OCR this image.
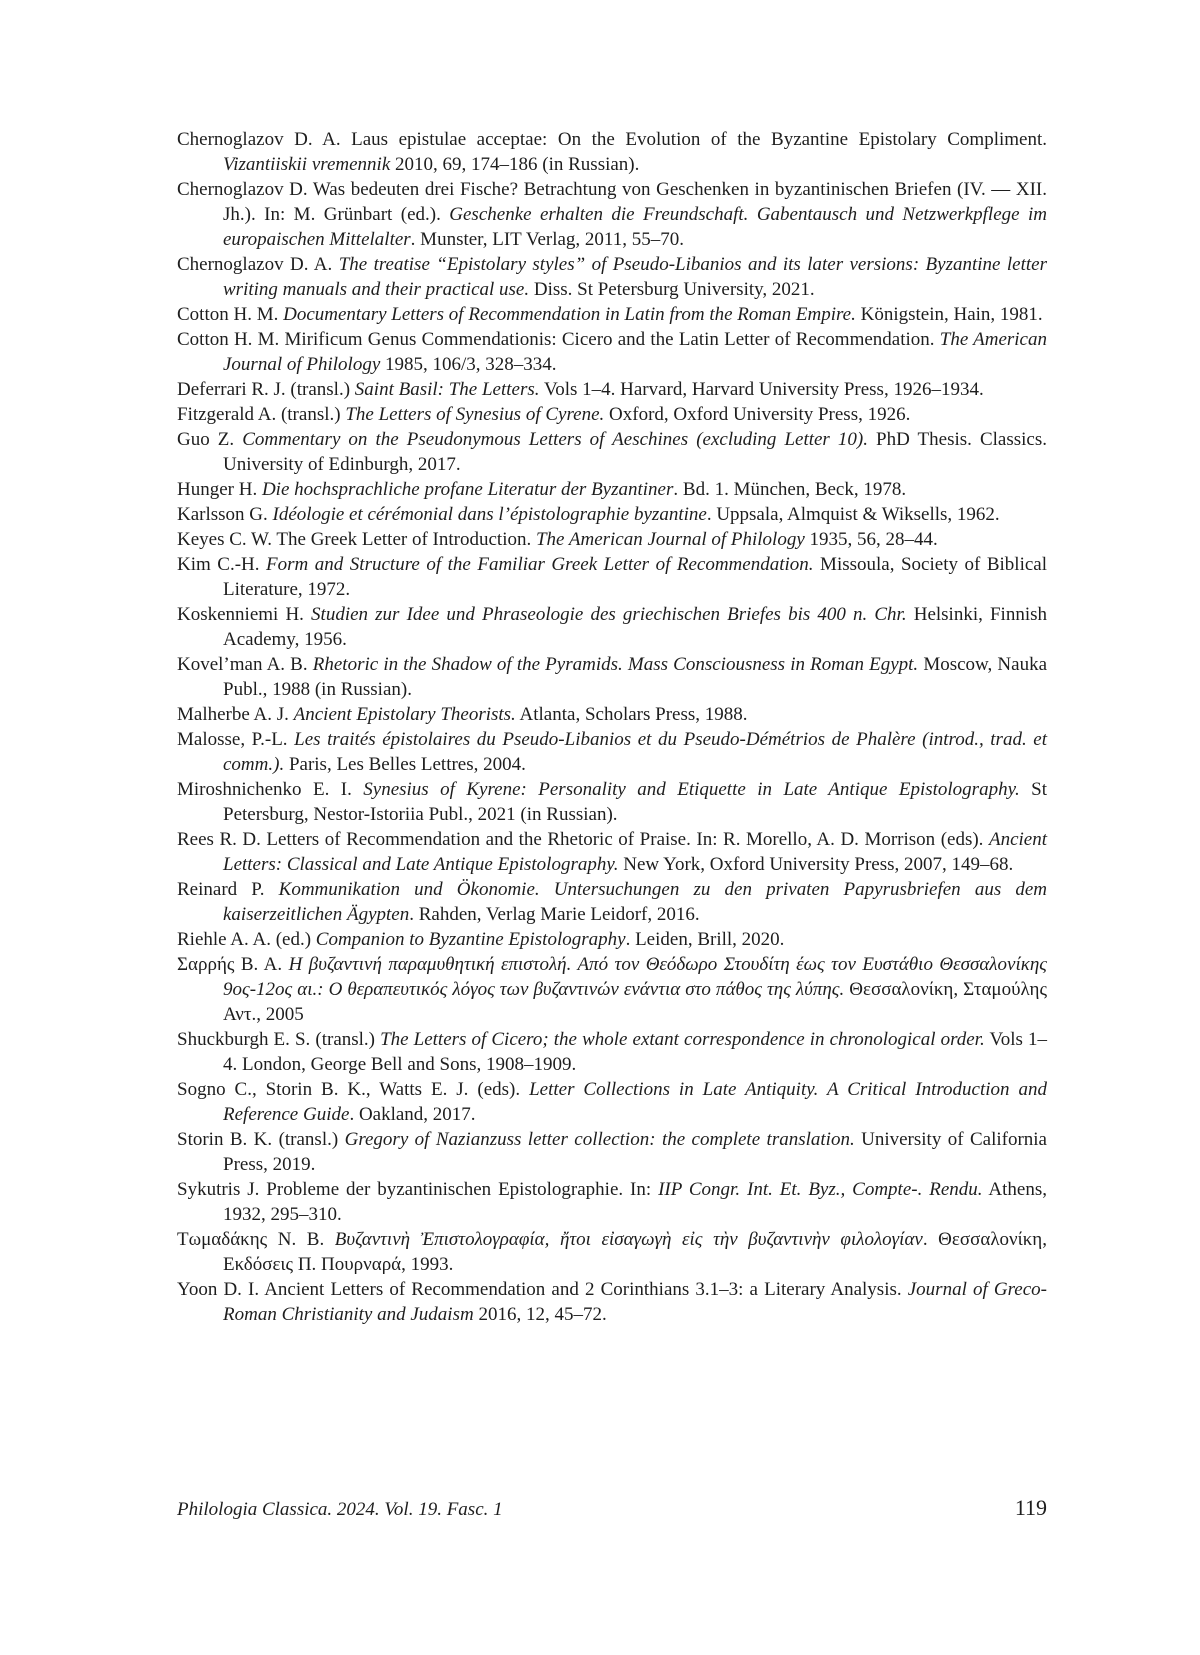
Chernoglazov D. A. Laus epistulae acceptae: On the Evolution of the Byzantine Epistolary Compliment. Vizantiiskii vremennik 2010, 69, 174–186 (in Russian).
Chernoglazov D. Was bedeuten drei Fische? Betrachtung von Geschenken in byzantinischen Briefen (IV. — XII. Jh.). In: M. Grünbart (ed.). Geschenke erhalten die Freundschaft. Gabentausch und Netzwerkpflege im europaischen Mittelalter. Munster, LIT Verlag, 2011, 55–70.
Chernoglazov D. A. The treatise “Epistolary styles” of Pseudo-Libanios and its later versions: Byzantine letter writing manuals and their practical use. Diss. St Petersburg University, 2021.
Cotton H. M. Documentary Letters of Recommendation in Latin from the Roman Empire. Königstein, Hain, 1981.
Cotton H. M. Mirificum Genus Commendationis: Cicero and the Latin Letter of Recommendation. The American Journal of Philology 1985, 106/3, 328–334.
Deferrari R. J. (transl.) Saint Basil: The Letters. Vols 1–4. Harvard, Harvard University Press, 1926–1934.
Fitzgerald A. (transl.) The Letters of Synesius of Cyrene. Oxford, Oxford University Press, 1926.
Guo Z. Commentary on the Pseudonymous Letters of Aeschines (excluding Letter 10). PhD Thesis. Classics. University of Edinburgh, 2017.
Hunger H. Die hochsprachliche profane Literatur der Byzantiner. Bd. 1. München, Beck, 1978.
Karlsson G. Idéologie et cérémonial dans l’épistolographie byzantine. Uppsala, Almquist & Wiksells, 1962.
Keyes C. W. The Greek Letter of Introduction. The American Journal of Philology 1935, 56, 28–44.
Kim C.-H. Form and Structure of the Familiar Greek Letter of Recommendation. Missoula, Society of Biblical Literature, 1972.
Koskenniemi H. Studien zur Idee und Phraseologie des griechischen Briefes bis 400 n. Chr. Helsinki, Finnish Academy, 1956.
Kovel’man A. B. Rhetoric in the Shadow of the Pyramids. Mass Consciousness in Roman Egypt. Moscow, Nauka Publ., 1988 (in Russian).
Malherbe A. J. Ancient Epistolary Theorists. Atlanta, Scholars Press, 1988.
Malosse, P.-L. Les traités épistolaires du Pseudo-Libanios et du Pseudo-Démétrios de Phalère (introd., trad. et comm.). Paris, Les Belles Lettres, 2004.
Miroshnichenko E. I. Synesius of Kyrene: Personality and Etiquette in Late Antique Epistolography. St Petersburg, Nestor-Istoriia Publ., 2021 (in Russian).
Rees R. D. Letters of Recommendation and the Rhetoric of Praise. In: R. Morello, A. D. Morrison (eds). Ancient Letters: Classical and Late Antique Epistolography. New York, Oxford University Press, 2007, 149–68.
Reinard P. Kommunikation und Ökonomie. Untersuchungen zu den privaten Papyrusbriefen aus dem kaiserzeitlichen Ägypten. Rahden, Verlag Marie Leidorf, 2016.
Riehle A. A. (ed.) Companion to Byzantine Epistolography. Leiden, Brill, 2020.
Σαρρής Β. Α. Η βυζαντινή παραμυθητική επιστολή. Από τον Θεόδωρο Στουδίτη έως τον Ευστάθιο Θεσσαλονίκης 9ος-12ος αι.: Ο θεραπευτικός λόγος των βυζαντινών ενάντια στο πάθος της λύπης. Θεσσαλονίκη, Σταμούλης Αντ., 2005
Shuckburgh E. S. (transl.) The Letters of Cicero; the whole extant correspondence in chronological order. Vols 1–4. London, George Bell and Sons, 1908–1909.
Sogno C., Storin B. K., Watts E. J. (eds). Letter Collections in Late Antiquity. A Critical Introduction and Reference Guide. Oakland, 2017.
Storin B. K. (transl.) Gregory of Nazianzuss letter collection: the complete translation. University of California Press, 2019.
Sykutris J. Probleme der byzantinischen Epistolographie. In: IIP Congr. Int. Et. Byz., Compte-. Rendu. Athens, 1932, 295–310.
Τωμαδάκης Ν. Β. Βυζαντινὴ Ἐπιστολογραφία, ἤτοι εἰσαγωγὴ εἰς τὴν βυζαντινὴν φιλολογίαν. Θεσσαλονίκη, Εκδόσεις Π. Πουρναρά, 1993.
Yoon D. I. Ancient Letters of Recommendation and 2 Corinthians 3.1–3: a Literary Analysis. Journal of Greco-Roman Christianity and Judaism 2016, 12, 45–72.
Philologia Classica. 2024. Vol. 19. Fasc. 1	119
